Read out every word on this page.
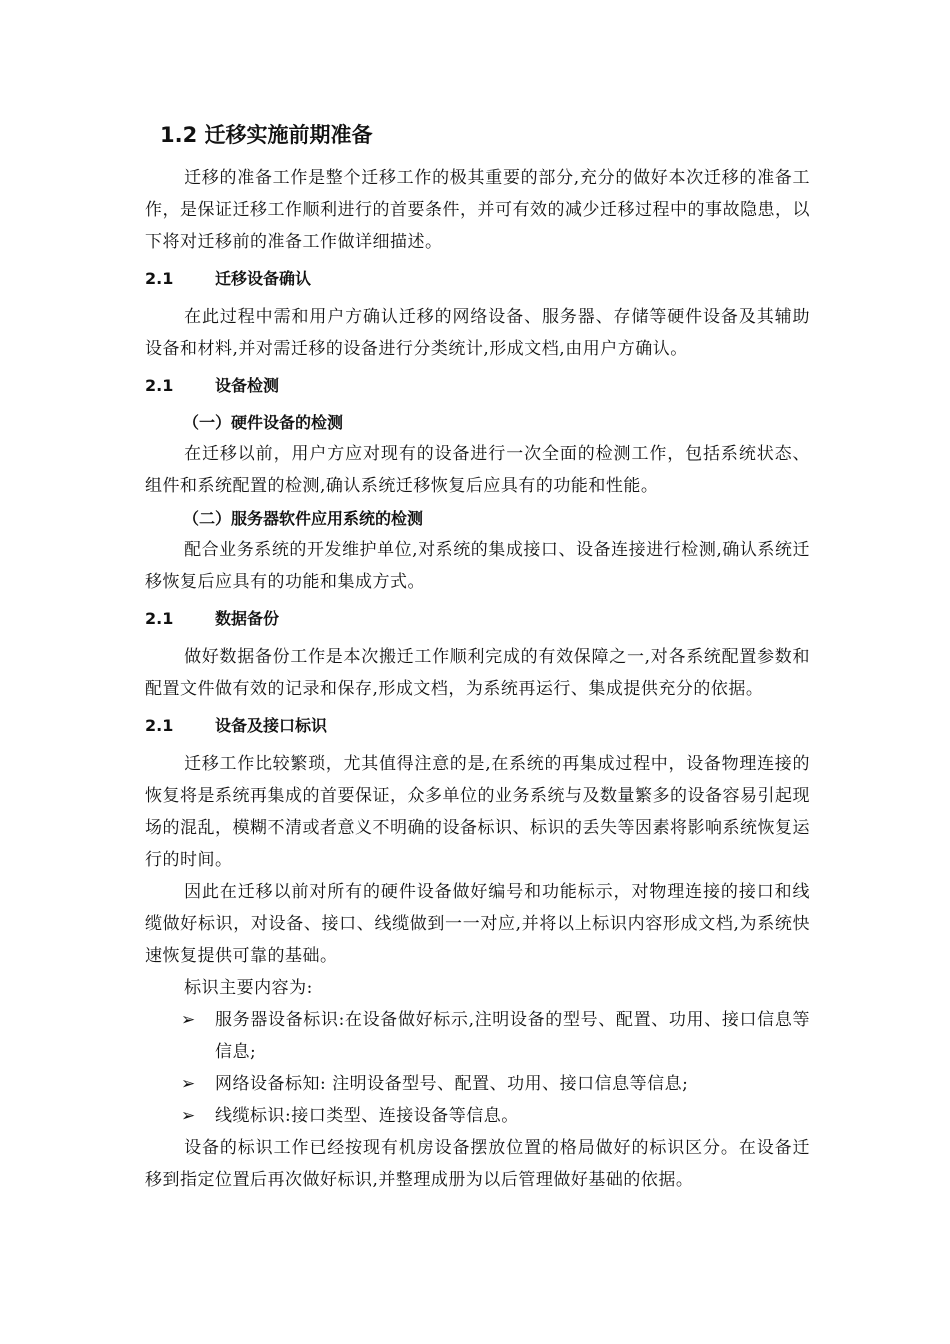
1.2 迁移实施前期准备

迁移的准备工作是整个迁移工作的极其重要的部分,充分的做好本次迁移的准备工作，是保证迁移工作顺利进行的首要条件，并可有效的减少迁移过程中的事故隐患，以下将对迁移前的准备工作做详细描述。

2.1	迁移设备确认

在此过程中需和用户方确认迁移的网络设备、服务器、存储等硬件设备及其辅助设备和材料,并对需迁移的设备进行分类统计,形成文档,由用户方确认。

2.1	设备检测
（一）硬件设备的检测

在迁移以前，用户方应对现有的设备进行一次全面的检测工作，包括系统状态、组件和系统配置的检测,确认系统迁移恢复后应具有的功能和性能。

（二）服务器软件应用系统的检测

配合业务系统的开发维护单位,对系统的集成接口、设备连接进行检测,确认系统迁移恢复后应具有的功能和集成方式。

2.1	数据备份

做好数据备份工作是本次搬迁工作顺利完成的有效保障之一,对各系统配置参数和配置文件做有效的记录和保存,形成文档，为系统再运行、集成提供充分的依据。

2.1	设备及接口标识

迁移工作比较繁琐，尤其值得注意的是,在系统的再集成过程中，设备物理连接的恢复将是系统再集成的首要保证，众多单位的业务系统与及数量繁多的设备容易引起现场的混乱，模糊不清或者意义不明确的设备标识、标识的丢失等因素将影响系统恢复运行的时间。

因此在迁移以前对所有的硬件设备做好编号和功能标示，对物理连接的接口和线缆做好标识，对设备、接口、线缆做到一一对应,并将以上标识内容形成文档,为系统快速恢复提供可靠的基础。

标识主要内容为:

➢	服务器设备标识:在设备做好标示,注明设备的型号、配置、功用、接口信息等信息;
➢	网络设备标知: 注明设备型号、配置、功用、接口信息等信息;
➢	线缆标识:接口类型、连接设备等信息。

设备的标识工作已经按现有机房设备摆放位置的格局做好的标识区分。在设备迁移到指定位置后再次做好标识,并整理成册为以后管理做好基础的依据。
